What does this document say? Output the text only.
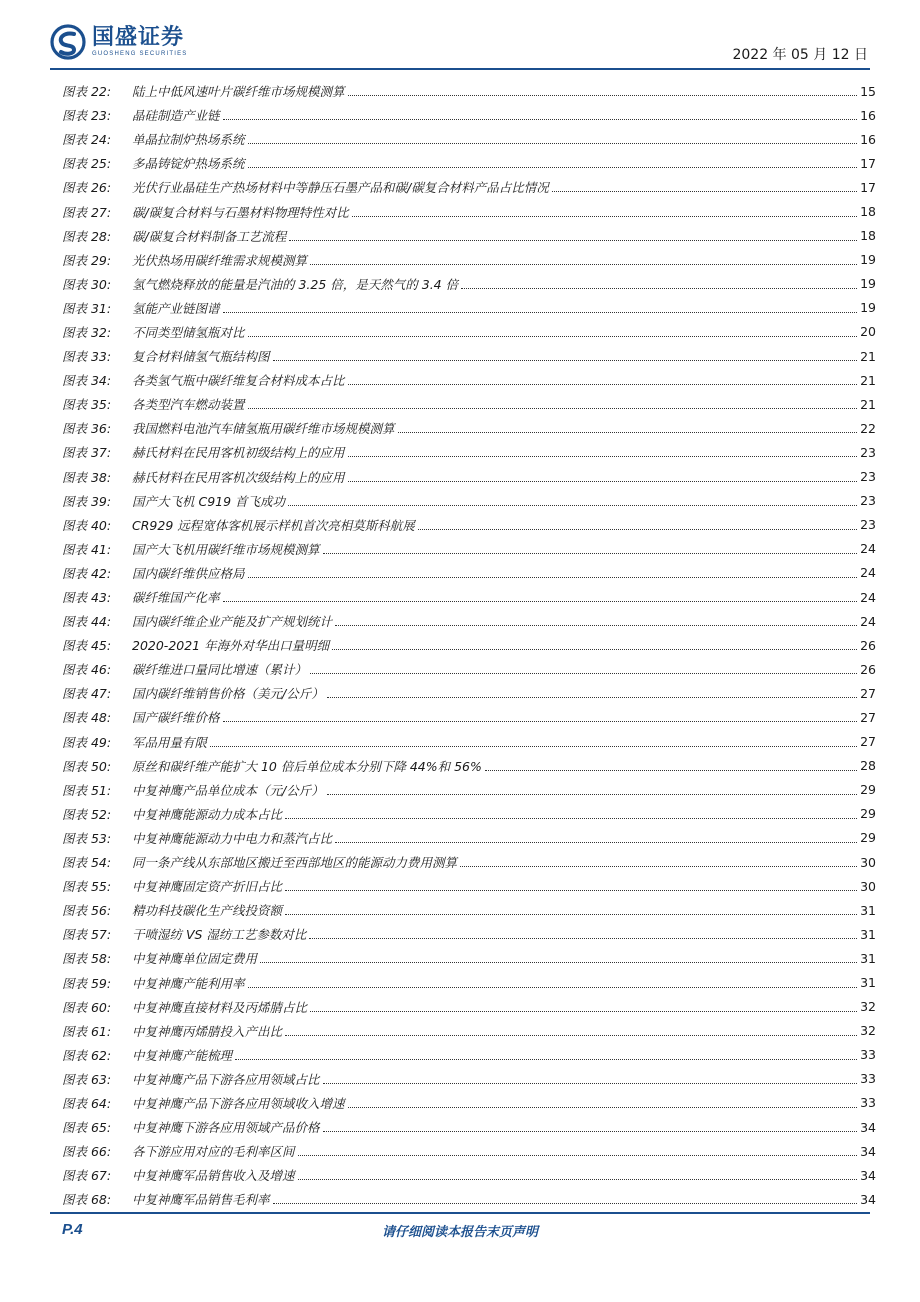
国盛证券
GUOSHENG SECURITIES	2022 年 05 月 12 日
图表 22:	陆上中低风速叶片碳纤维市场规模测算	15
图表 23:	晶硅制造产业链	16
图表 24:	单晶拉制炉热场系统	16
图表 25:	多晶铸锭炉热场系统	17
图表 26:	光伏行业晶硅生产热场材料中等静压石墨产品和碳/碳复合材料产品占比情况	17
图表 27:	碳/碳复合材料与石墨材料物理特性对比	18
图表 28:	碳/碳复合材料制备工艺流程	18
图表 29:	光伏热场用碳纤维需求规模测算	19
图表 30:	氢气燃烧释放的能量是汽油的 3.25 倍，是天然气的 3.4 倍	19
图表 31:	氢能产业链图谱	19
图表 32:	不同类型储氢瓶对比	20
图表 33:	复合材料储氢气瓶结构图	21
图表 34:	各类氢气瓶中碳纤维复合材料成本占比	21
图表 35:	各类型汽车燃动装置	21
图表 36:	我国燃料电池汽车储氢瓶用碳纤维市场规模测算	22
图表 37:	赫氏材料在民用客机初级结构上的应用	23
图表 38:	赫氏材料在民用客机次级结构上的应用	23
图表 39:	国产大飞机 C919 首飞成功	23
图表 40:	CR929 远程宽体客机展示样机首次亮相莫斯科航展	23
图表 41:	国产大飞机用碳纤维市场规模测算	24
图表 42:	国内碳纤维供应格局	24
图表 43:	碳纤维国产化率	24
图表 44:	国内碳纤维企业产能及扩产规划统计	24
图表 45:	2020-2021 年海外对华出口量明细	26
图表 46:	碳纤维进口量同比增速（累计）	26
图表 47:	国内碳纤维销售价格（美元/公斤）	27
图表 48:	国产碳纤维价格	27
图表 49:	军品用量有限	27
图表 50:	原丝和碳纤维产能扩大 10 倍后单位成本分别下降 44%和 56%	28
图表 51:	中复神鹰产品单位成本（元/公斤）	29
图表 52:	中复神鹰能源动力成本占比	29
图表 53:	中复神鹰能源动力中电力和蒸汽占比	29
图表 54:	同一条产线从东部地区搬迁至西部地区的能源动力费用测算	30
图表 55:	中复神鹰固定资产折旧占比	30
图表 56:	精功科技碳化生产线投资额	31
图表 57:	干喷湿纺 VS 湿纺工艺参数对比	31
图表 58:	中复神鹰单位固定费用	31
图表 59:	中复神鹰产能利用率	31
图表 60:	中复神鹰直接材料及丙烯腈占比	32
图表 61:	中复神鹰丙烯腈投入产出比	32
图表 62:	中复神鹰产能梳理	33
图表 63:	中复神鹰产品下游各应用领域占比	33
图表 64:	中复神鹰产品下游各应用领域收入增速	33
图表 65:	中复神鹰下游各应用领域产品价格	34
图表 66:	各下游应用对应的毛利率区间	34
图表 67:	中复神鹰军品销售收入及增速	34
图表 68:	中复神鹰军品销售毛利率	34
P.4	请仔细阅读本报告末页声明
